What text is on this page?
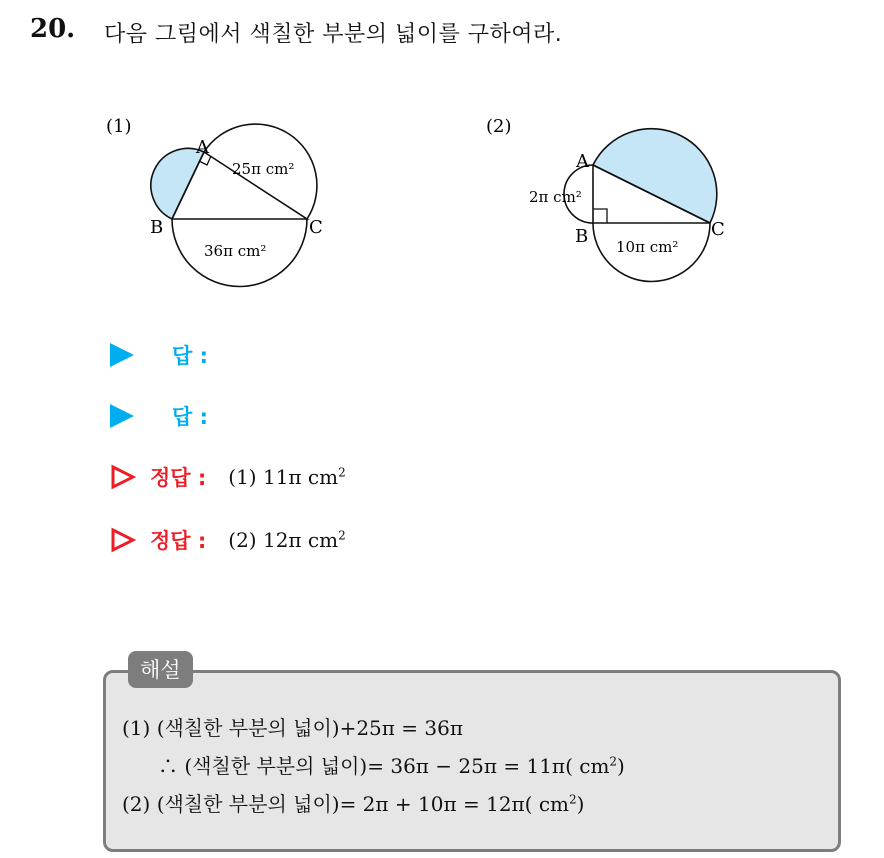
20. 다음 그림에서 색칠한 부분의 넓이를 구하여라.
(1)
A
B	C
25π cm²
36π cm²
(2)
A
B	C
2π cm²
10π cm²
답 :
답 :
정답 : (1) 11π $cm^2$
정답 : (2) 12π $cm^2$
해설
(1) (색칠한 부분의 넓이)+25π = 36π
∴ (색칠한 부분의 넓이)= 36π − 25π = 11π( $cm^2$)
(2) (색칠한 부분의 넓이)= 2π + 10π = 12π( $cm^2$)
